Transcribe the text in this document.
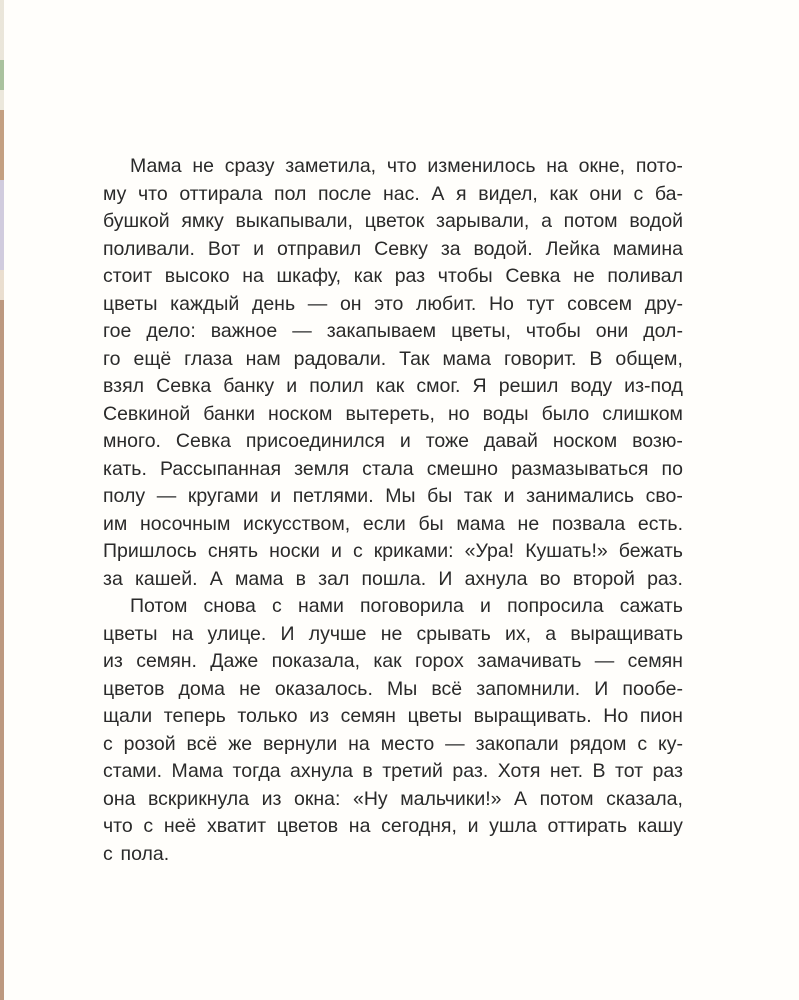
Мама не сразу заметила, что изменилось на окне, пото-
му что оттирала пол после нас. А я видел, как они с ба-
бушкой ямку выкапывали, цветок зарывали, а потом водой
поливали. Вот и отправил Севку за водой. Лейка мамина
стоит высоко на шкафу, как раз чтобы Севка не поливал
цветы каждый день — он это любит. Но тут совсем дру-
гое дело: важное — закапываем цветы, чтобы они дол-
го ещё глаза нам радовали. Так мама говорит. В общем,
взял Севка банку и полил как смог. Я решил воду из-под
Севкиной банки носком вытереть, но воды было слишком
много. Севка присоединился и тоже давай носком возю-
кать. Рассыпанная земля стала смешно размазываться по
полу — кругами и петлями. Мы бы так и занимались сво-
им носочным искусством, если бы мама не позвала есть.
Пришлось снять носки и с криками: «Ура! Кушать!» бежать
за кашей. А мама в зал пошла. И ахнула во второй раз.
Потом снова с нами поговорила и попросила сажать
цветы на улице. И лучше не срывать их, а выращивать
из семян. Даже показала, как горох замачивать — семян
цветов дома не оказалось. Мы всё запомнили. И пообе-
щали теперь только из семян цветы выращивать. Но пион
с розой всё же вернули на место — закопали рядом с ку-
стами. Мама тогда ахнула в третий раз. Хотя нет. В тот раз
она вскрикнула из окна: «Ну мальчики!» А потом сказала,
что с неё хватит цветов на сегодня, и ушла оттирать кашу
с пола.
